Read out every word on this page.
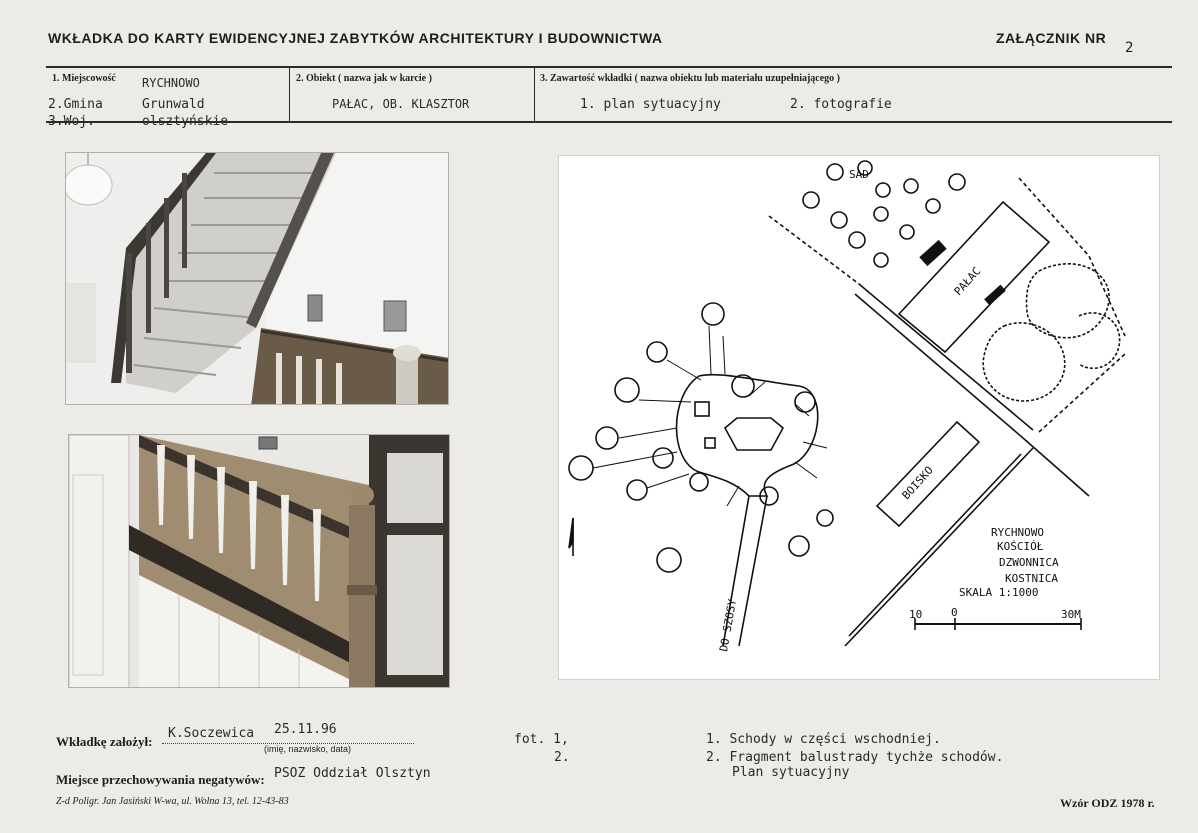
WKŁADKA DO KARTY EWIDENCYJNEJ ZABYTKÓW ARCHITEKTURY I BUDOWNICTWA	ZAŁĄCZNIK NR
2
1. Miejscowość RYCHNOWO
2.Gmina	Grunwald
3.Woj.	olsztyńskie
2. Obiekt ( nazwa jak w karcie )
PAŁAC, OB. KLASZTOR
3. Zawartość wkładki ( nazwa obiektu lub materiału uzupełniającego )
1. plan sytuacyjny	2. fotografie
SAD
PAŁAC
BOISKO
DO SZOSY
RYCHNOWO
KOŚCIÓŁ
DZWONNICA
KOSTNICA
SKALA 1:1000
10	0	30M
Wkładkę założył:
K.Soczewica 25.11.96
(imię, nazwisko, data)
Miejsce przechowywania negatywów: PSOZ Oddział Olsztyn
Z-d Poligr. Jan Jasiński W-wa, ul. Wolna 13, tel. 12-43-83
fot. 1,
2.
1. Schody w części wschodniej.
2. Fragment balustrady tychże schodów.
Plan sytuacyjny
Wzór ODZ 1978 r.
